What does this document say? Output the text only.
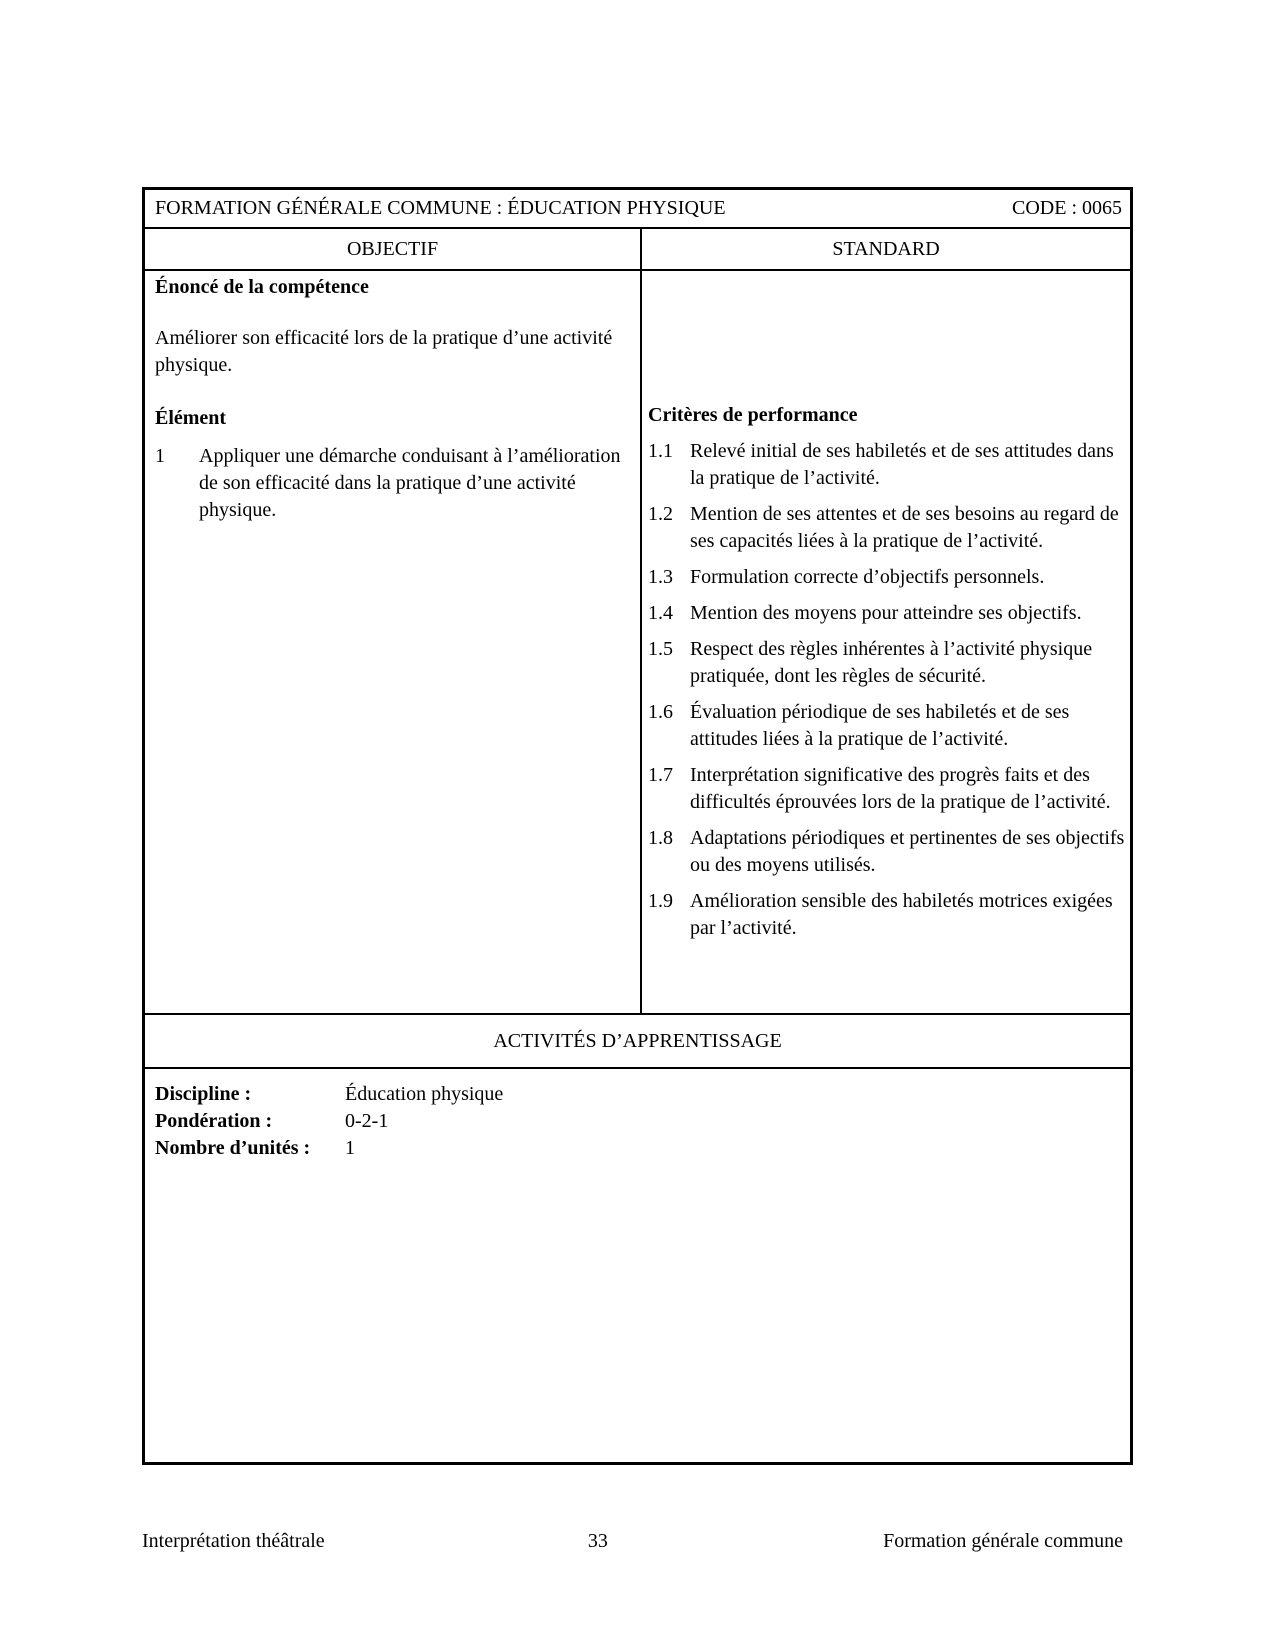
FORMATION GÉNÉRALE COMMUNE : ÉDUCATION PHYSIQUE	CODE : 0065
OBJECTIF	STANDARD
Énoncé de la compétence

Améliorer son efficacité lors de la pratique d’une activité physique.

Élément
1	Appliquer une démarche conduisant à l’amélioration de son efficacité dans la pratique d’une activité physique.
Critères de performance
1.1 Relevé initial de ses habiletés et de ses attitudes dans la pratique de l’activité.
1.2 Mention de ses attentes et de ses besoins au regard de ses capacités liées à la pratique de l’activité.
1.3 Formulation correcte d’objectifs personnels.
1.4 Mention des moyens pour atteindre ses objectifs.
1.5 Respect des règles inhérentes à l’activité physique pratiquée, dont les règles de sécurité.
1.6 Évaluation périodique de ses habiletés et de ses attitudes liées à la pratique de l’activité.
1.7 Interprétation significative des progrès faits et des difficultés éprouvées lors de la pratique de l’activité.
1.8 Adaptations périodiques et pertinentes de ses objectifs ou des moyens utilisés.
1.9 Amélioration sensible des habiletés motrices exigées par l’activité.
ACTIVITÉS D’APPRENTISSAGE
Discipline :	Éducation physique
Pondération :	0-2-1
Nombre d’unités :	1
Interprétation théâtrale	33	Formation générale commune
